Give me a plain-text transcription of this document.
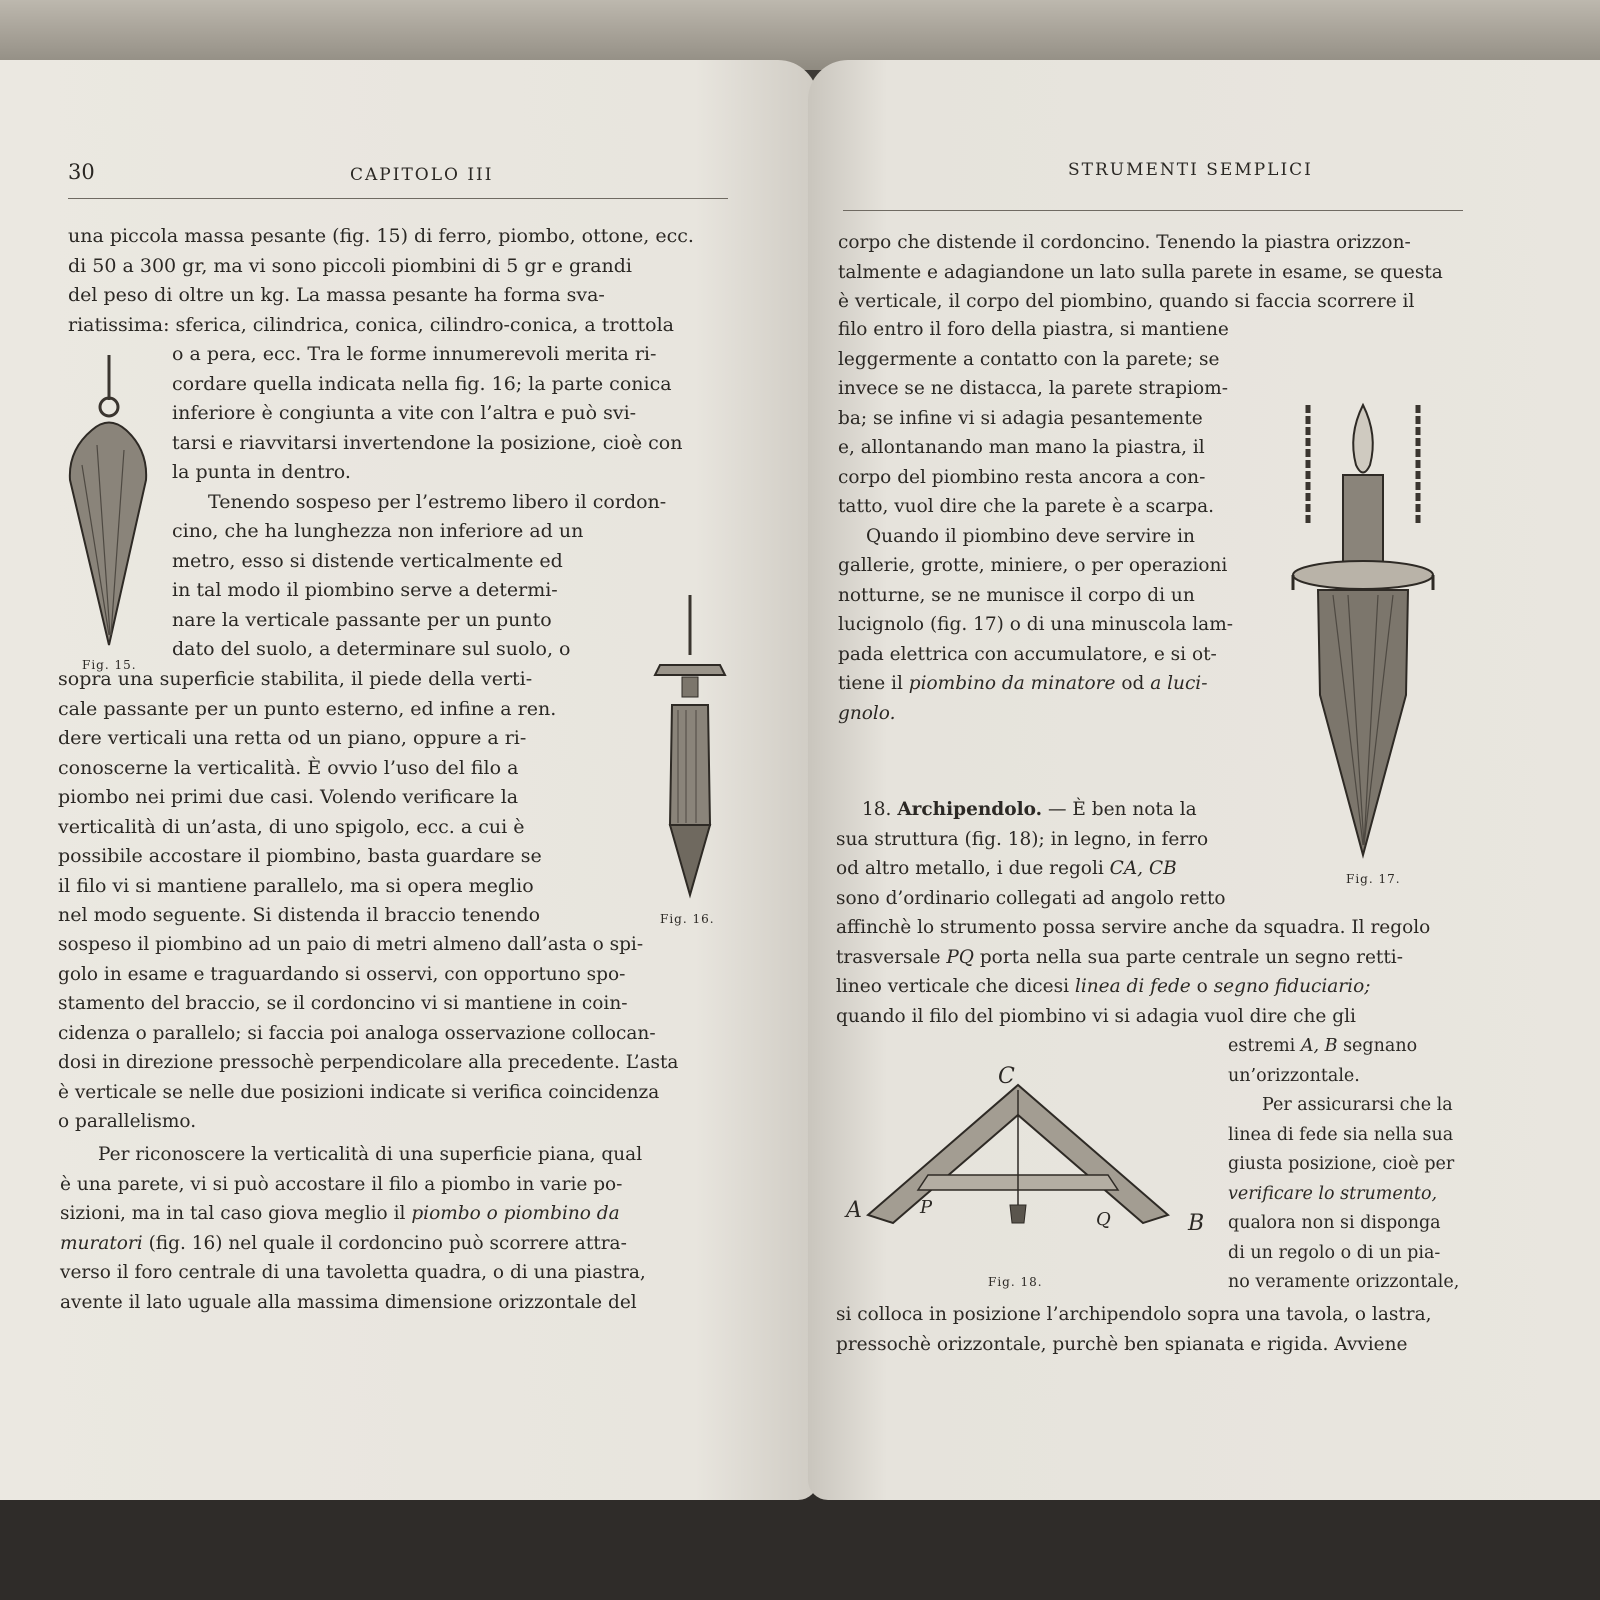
30	CAPITOLO III
una piccola massa pesante (fig. 15) di ferro, piombo, ottone, ecc.
di 50 a 300 gr, ma vi sono piccoli piombini di 5 gr e grandi
del peso di oltre un kg. La massa pesante ha forma sva-
riatissima: sferica, cilindrica, conica, cilindro-conica, a trottola
o a pera, ecc. Tra le forme innumerevoli merita ri-
cordare quella indicata nella fig. 16; la parte conica
inferiore è congiunta a vite con l’altra e può svi-
tarsi e riavvitarsi invertendone la posizione, cioè con
la punta in dentro.
Tenendo sospeso per l’estremo libero il cordon-
cino, che ha lunghezza non inferiore ad un
metro, esso si distende verticalmente ed
in tal modo il piombino serve a determi-
nare la verticale passante per un punto
dato del suolo, a determinare sul suolo, o
sopra una superficie stabilita, il piede della verti-
cale passante per un punto esterno, ed infine a ren.
dere verticali una retta od un piano, oppure a ri-
conoscerne la verticalità. È ovvio l’uso del filo a
piombo nei primi due casi. Volendo verificare la
verticalità di un’asta, di uno spigolo, ecc. a cui è
possibile accostare il piombino, basta guardare se
il filo vi si mantiene parallelo, ma si opera meglio
nel modo seguente. Si distenda il braccio tenendo
sospeso il piombino ad un paio di metri almeno dall’asta o spi-
golo in esame e traguardando si osservi, con opportuno spo-
stamento del braccio, se il cordoncino vi si mantiene in coin-
cidenza o parallelo; si faccia poi analoga osservazione collocan-
dosi in direzione pressochè perpendicolare alla precedente. L’asta
è verticale se nelle due posizioni indicate si verifica coincidenza
o parallelismo.
Per riconoscere la verticalità di una superficie piana, qual
è una parete, vi si può accostare il filo a piombo in varie po-
sizioni, ma in tal caso giova meglio il piombo o piombino da
muratori (fig. 16) nel quale il cordoncino può scorrere attra-
verso il foro centrale di una tavoletta quadra, o di una piastra,
avente il lato uguale alla massima dimensione orizzontale del
Fig. 15.
Fig. 16.
STRUMENTI SEMPLICI
corpo che distende il cordoncino. Tenendo la piastra orizzon-
talmente e adagiandone un lato sulla parete in esame, se questa
è verticale, il corpo del piombino, quando si faccia scorrere il
filo entro il foro della piastra, si mantiene
leggermente a contatto con la parete; se
invece se ne distacca, la parete strapiom-
ba; se infine vi si adagia pesantemente
e, allontanando man mano la piastra, il
corpo del piombino resta ancora a con-
tatto, vuol dire che la parete è a scarpa.
Quando il piombino deve servire in
gallerie, grotte, miniere, o per operazioni
notturne, se ne munisce il corpo di un
lucignolo (fig. 17) o di una minuscola lam-
pada elettrica con accumulatore, e si ot-
tiene il piombino da minatore od a luci-
gnolo.
18. Archipendolo. — È ben nota la
sua struttura (fig. 18); in legno, in ferro
od altro metallo, i due regoli CA, CB
sono d’ordinario collegati ad angolo retto
affinchè lo strumento possa servire anche da squadra. Il regolo
trasversale PQ porta nella sua parte centrale un segno retti-
lineo verticale che dicesi linea di fede o segno fiduciario;
quando il filo del piombino vi si adagia vuol dire che gli
estremi A, B segnano
un’orizzontale.
Per assicurarsi che la
linea di fede sia nella sua
giusta posizione, cioè per
verificare lo strumento,
qualora non si disponga
di un regolo o di un pia-
no veramente orizzontale,
si colloca in posizione l’archipendolo sopra una tavola, o lastra,
pressochè orizzontale, purchè ben spianata e rigida. Avviene
Fig. 17.
C
A
B
P
Q
Fig. 18.
